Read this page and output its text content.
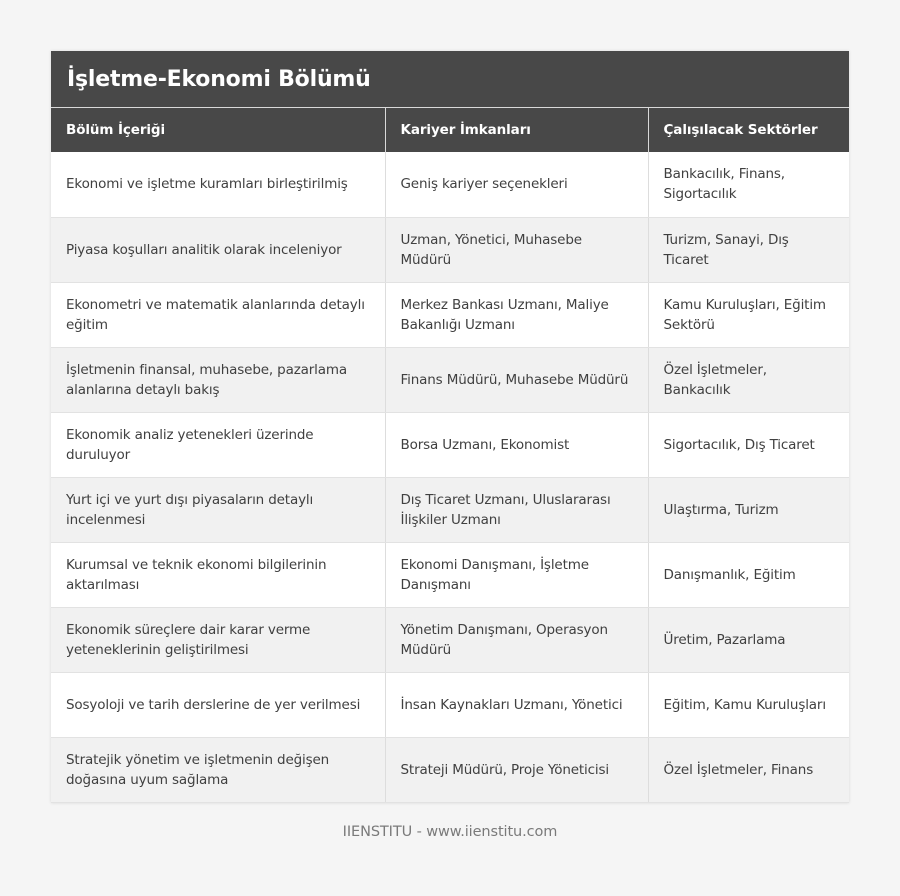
İşletme-Ekonomi Bölümü
Bölüm İçeriği	Kariyer İmkanları	Çalışılacak Sektörler
Ekonomi ve işletme kuramları birleştirilmiş	Geniş kariyer seçenekleri	Bankacılık, Finans, Sigortacılık
Piyasa koşulları analitik olarak inceleniyor	Uzman, Yönetici, Muhasebe Müdürü	Turizm, Sanayi, Dış Ticaret
Ekonometri ve matematik alanlarında detaylı eğitim	Merkez Bankası Uzmanı, Maliye Bakanlığı Uzmanı	Kamu Kuruluşları, Eğitim Sektörü
İşletmenin finansal, muhasebe, pazarlama alanlarına detaylı bakış	Finans Müdürü, Muhasebe Müdürü	Özel İşletmeler, Bankacılık
Ekonomik analiz yetenekleri üzerinde duruluyor	Borsa Uzmanı, Ekonomist	Sigortacılık, Dış Ticaret
Yurt içi ve yurt dışı piyasaların detaylı incelenmesi	Dış Ticaret Uzmanı, Uluslararası İlişkiler Uzmanı	Ulaştırma, Turizm
Kurumsal ve teknik ekonomi bilgilerinin aktarılması	Ekonomi Danışmanı, İşletme Danışmanı	Danışmanlık, Eğitim
Ekonomik süreçlere dair karar verme yeteneklerinin geliştirilmesi	Yönetim Danışmanı, Operasyon Müdürü	Üretim, Pazarlama
Sosyoloji ve tarih derslerine de yer verilmesi	İnsan Kaynakları Uzmanı, Yönetici	Eğitim, Kamu Kuruluşları
Stratejik yönetim ve işletmenin değişen doğasına uyum sağlama	Strateji Müdürü, Proje Yöneticisi	Özel İşletmeler, Finans
IIENSTITU - www.iienstitu.com
